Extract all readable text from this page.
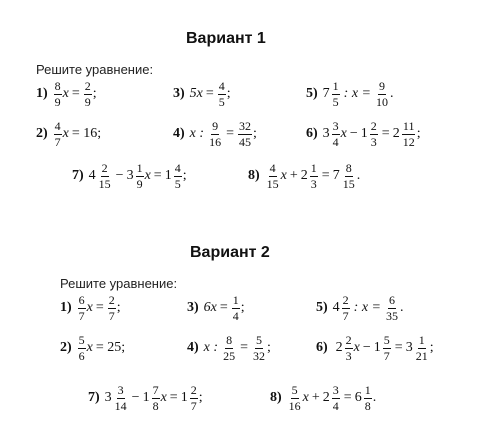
Вариант 1
Решите уравнение:
$1) \frac{8}{9}$ $x = \frac{2}{9}$ ;	3) $5x = \frac{4}{5}$ ;	5) $7 \frac{1}{5}$ : $x = \frac{9}{10}$ .
$2) \frac{4}{7}$ x = 16;	4) x : $\frac{9}{16} = \frac{32}{45}$ ;	6) $3 \frac{3}{4}$ $x - 1 \frac{2}{3} = 2 \frac{11}{12}$ ;
7) $4 \frac{2}{15} - 3 \frac{1}{9}$ $x = 1 \frac{4}{5}$ ;	$8) \frac{4}{15}$ $x + 2 \frac{1}{3} = 7 \frac{8}{15}$ .
Вариант 2
Решите уравнение:
$1) \frac{6}{7}$ $x = \frac{2}{7}$ ;	3) $6x = \frac{1}{4}$ ;	5) $4 \frac{2}{7}$ : $x = \frac{6}{35}$ .
$2) \frac{5}{6}$ x = 25;	4) x : $\frac{8}{25} = \frac{5}{32}$ ;	6) $2 \frac{2}{3}$ $x - 1 \frac{5}{7} = 3 \frac{1}{21}$ ;
7) $3 \frac{3}{14} - 1 \frac{7}{8}$ $x = 1 \frac{2}{7}$ ;	$8) \frac{5}{16}$ $x + 2 \frac{3}{4} = 6 \frac{1}{8}$ .
